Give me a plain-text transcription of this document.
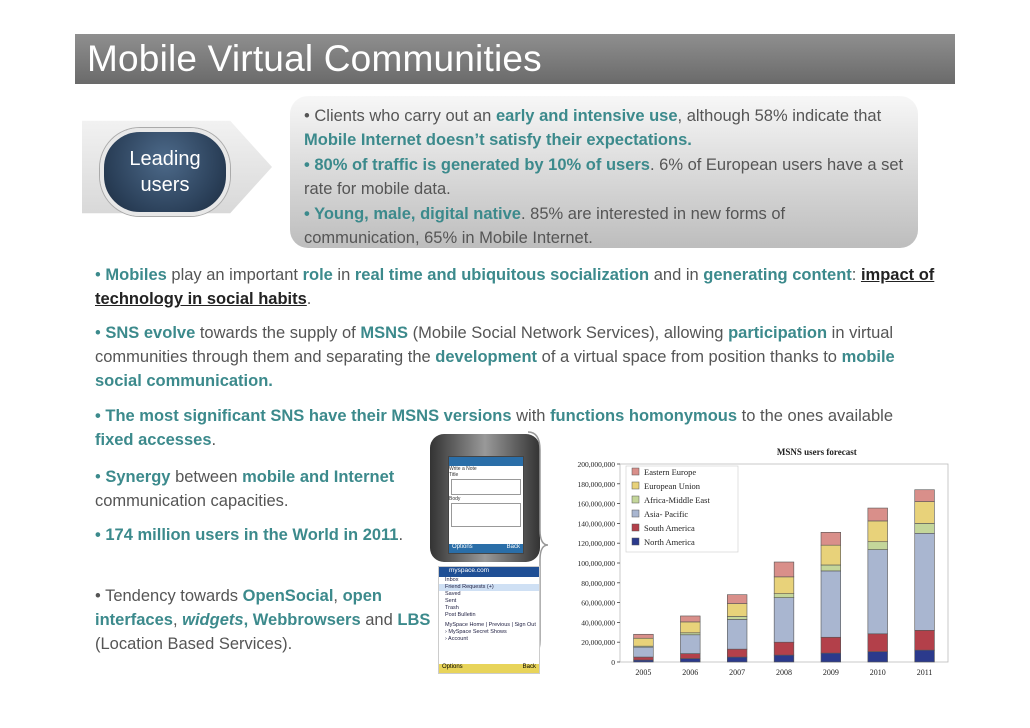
Mobile Virtual Communities
Leading
users
• Clients who carry out an early and intensive use, although 58% indicate that Mobile Internet doesn’t satisfy their expectations.
• 80% of traffic is generated by 10% of users. 6% of European users have a set rate for mobile data.
• Young, male, digital native. 85% are interested in new forms of communication, 65% in Mobile Internet.

• Mobiles play an important role in real time and ubiquitous socialization and in generating content: impact of technology in social habits.

• SNS evolve towards the supply of MSNS (Mobile Social Network Services), allowing participation in virtual communities through them and separating the development of a virtual space from position thanks to mobile social communication.

• The most significant SNS have their MSNS versions with functions homonymous to the ones available fixed accesses.

• Synergy between mobile and Internet communication capacities.

• 174 million users in the World in 2011.

• Tendency towards OpenSocial, open interfaces, widgets, Webbrowsers and LBS (Location Based Services).

Write a Note
Title
Body
Options	Back
myspace.com
Inbox
Friend Requests (+)
Saved
Sent
Trash
Post Bulletin
MySpace Home | Previous | Sign Out
› MySpace Secret Shows
› Account
Options	Back
MSNS users forecast
0
20,000,000
40,000,000
60,000,000
80,000,000
100,000,000
120,000,000
140,000,000
160,000,000
180,000,000
200,000,000
2005	2006	2007	2008	2009	2010	2011
Eastern Europe
European Union
Africa-Middle East
Asia- Pacific
South America
North America
